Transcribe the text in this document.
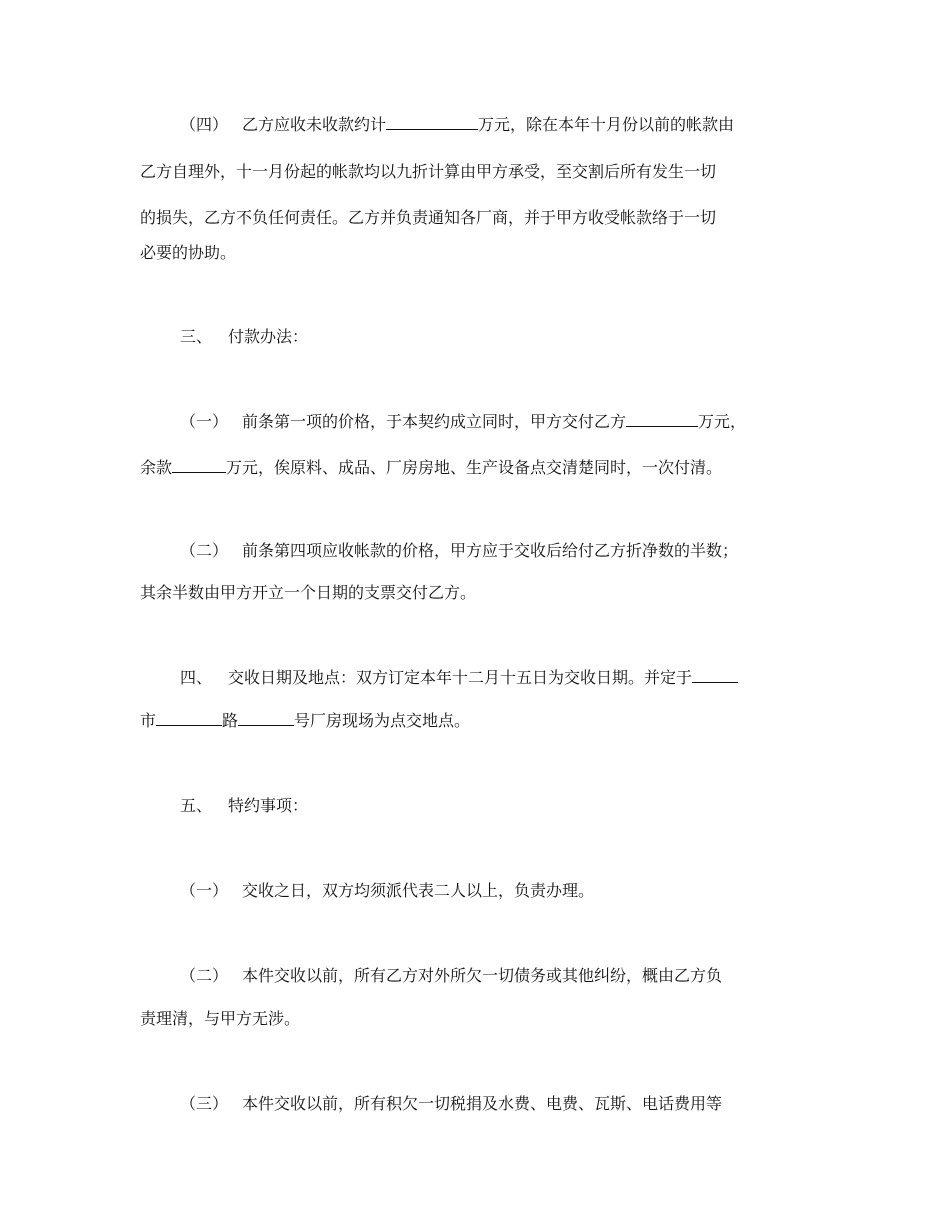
（四） 乙方应收未收款约计	万元，除在本年十月份以前的帐款由
乙方自理外，十一月份起的帐款均以九折计算由甲方承受，至交割后所有发生一切
的损失，乙方不负任何责任。乙方并负责通知各厂商，并于甲方收受帐款络于一切
必要的协助。
三、 付款办法：
（一） 前条第一项的价格，于本契约成立同时，甲方交付乙方	万元，
余款	万元，俟原料、成品、厂房房地、生产设备点交清楚同时，一次付清。
（二） 前条第四项应收帐款的价格，甲方应于交收后给付乙方折净数的半数；
其余半数由甲方开立一个日期的支票交付乙方。
四、 交收日期及地点：双方订定本年十二月十五日为交收日期。并定于
市	路	号厂房现场为点交地点。
五、 特约事项：
（一） 交收之日，双方均须派代表二人以上，负责办理。
（二） 本件交收以前，所有乙方对外所欠一切债务或其他纠纷，概由乙方负
责理清，与甲方无涉。
（三） 本件交收以前，所有积欠一切税捐及水费、电费、瓦斯、电话费用等
